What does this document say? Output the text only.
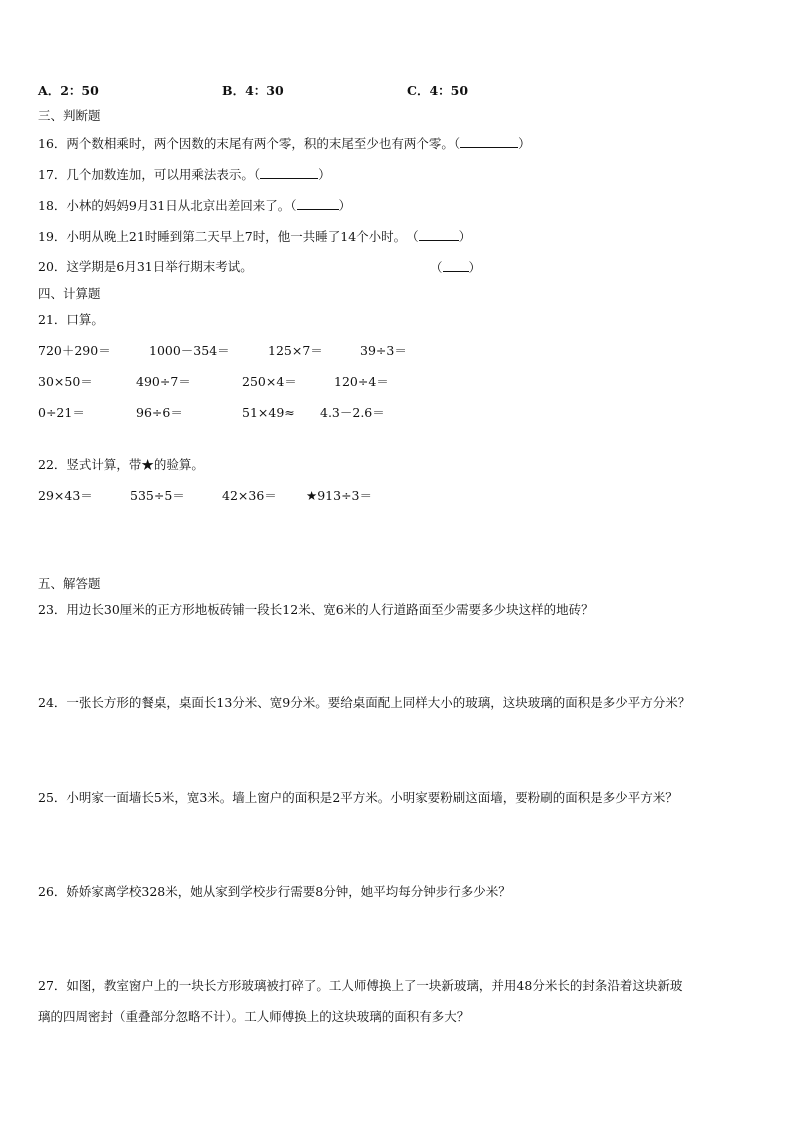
A．2：50	B．4：30	C．4：50
三、判断题
16．两个数相乘时，两个因数的末尾有两个零，积的末尾至少也有两个零。（	）
17．几个加数连加，可以用乘法表示。（	）
18．小林的妈妈9月31日从北京出差回来了。（	）
19．小明从晚上21时睡到第二天早上7时，他一共睡了14个小时。　（	）
20．这学期是6月31日举行期末考试。	（ ）
四、计算题
21．口算。
720＋290＝	1000－354＝	125×7＝	39÷3＝
30×50＝	490÷7＝	250×4＝	120÷4＝
0÷21＝	96÷6＝	51×49≈ 4.3－2.6＝
22．竖式计算，带★的验算。
29×43＝	535÷5＝	42×36＝ ★913÷3＝
五、解答题
23．用边长30厘米的正方形地板砖铺一段长12米、宽6米的人行道路面至少需要多少块这样的地砖？
24．一张长方形的餐桌，桌面长13分米、宽9分米。要给桌面配上同样大小的玻璃，这块玻璃的面积是多少平方分米？
25．小明家一面墙长5米，宽3米。墙上窗户的面积是2平方米。小明家要粉刷这面墙，要粉刷的面积是多少平方米？
26．娇娇家离学校328米，她从家到学校步行需要8分钟，她平均每分钟步行多少米？
27．如图，教室窗户上的一块长方形玻璃被打碎了。工人师傅换上了一块新玻璃，并用48分米长的封条沿着这块新玻
璃的四周密封（重叠部分忽略不计）。工人师傅换上的这块玻璃的面积有多大？
